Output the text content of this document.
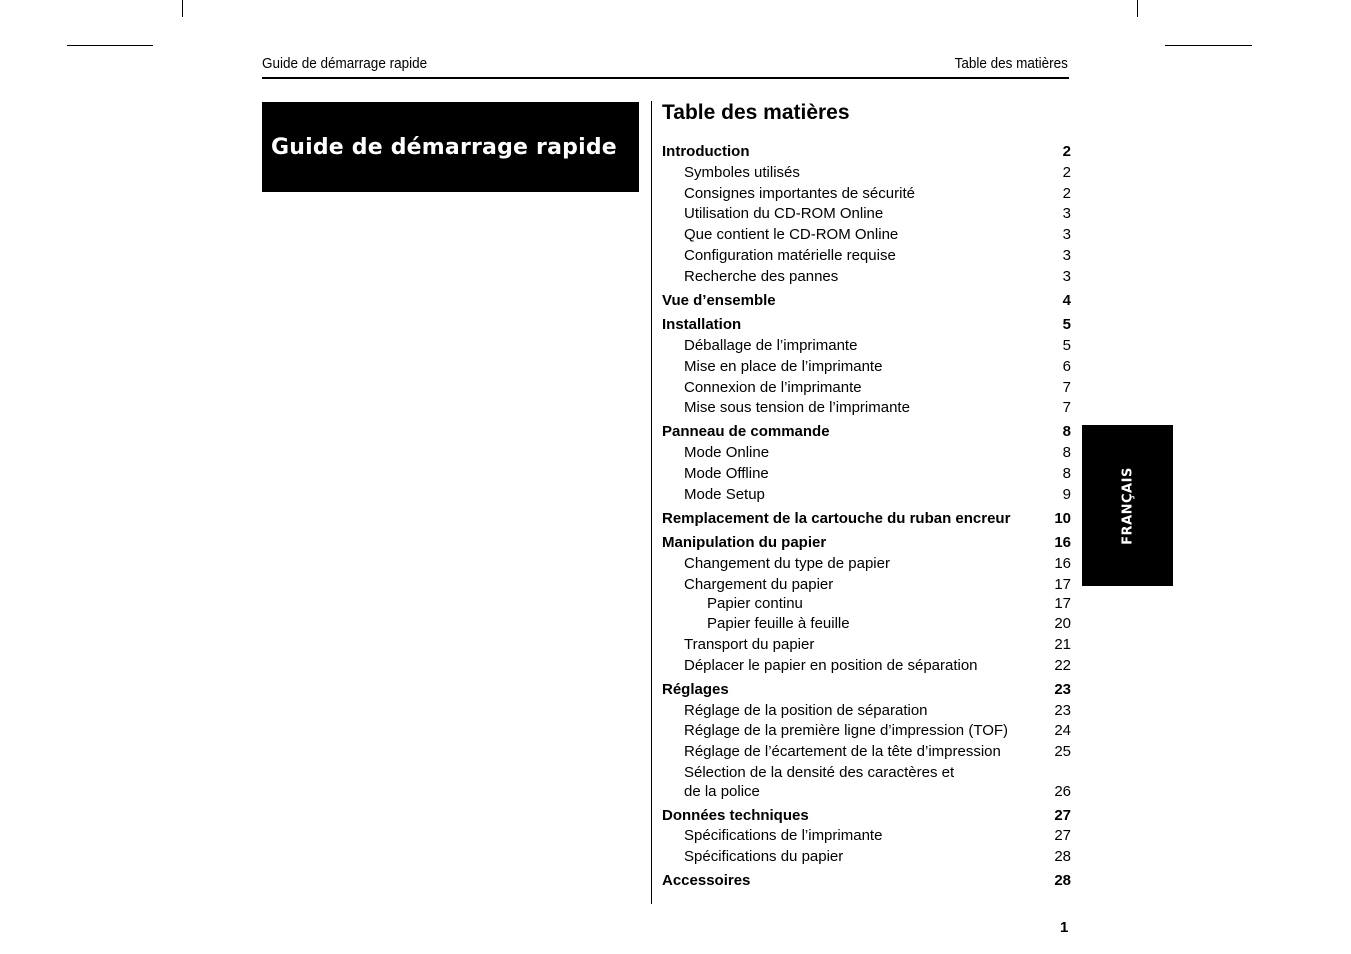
Guide de démarrage rapide	Table des matières
Guide de démarrage rapide
Table des matières
Introduction	2
Symboles utilisés	2
Consignes importantes de sécurité	2
Utilisation du CD-ROM Online	3
Que contient le CD-ROM Online	3
Configuration matérielle requise	3
Recherche des pannes	3
Vue d’ensemble	4
Installation	5
Déballage de l’imprimante	5
Mise en place de l’imprimante	6
Connexion de l’imprimante	7
Mise sous tension de l’imprimante	7
Panneau de commande	8
Mode Online	8
Mode Offline	8
Mode Setup	9
Remplacement de la cartouche du ruban encreur	10
Manipulation du papier	16
Changement du type de papier	16
Chargement du papier	17
Papier continu	17
Papier feuille à feuille	20
Transport du papier	21
Déplacer le papier en position de séparation	22
Réglages	23
Réglage de la position de séparation	23
Réglage de la première ligne d’impression (TOF)	24
Réglage de l’écartement de la tête d’impression	25
Sélection de la densité des caractères et
de la police	26
Données techniques	27
Spécifications de l’imprimante	27
Spécifications du papier	28
Accessoires	28
FRANÇAIS
1
